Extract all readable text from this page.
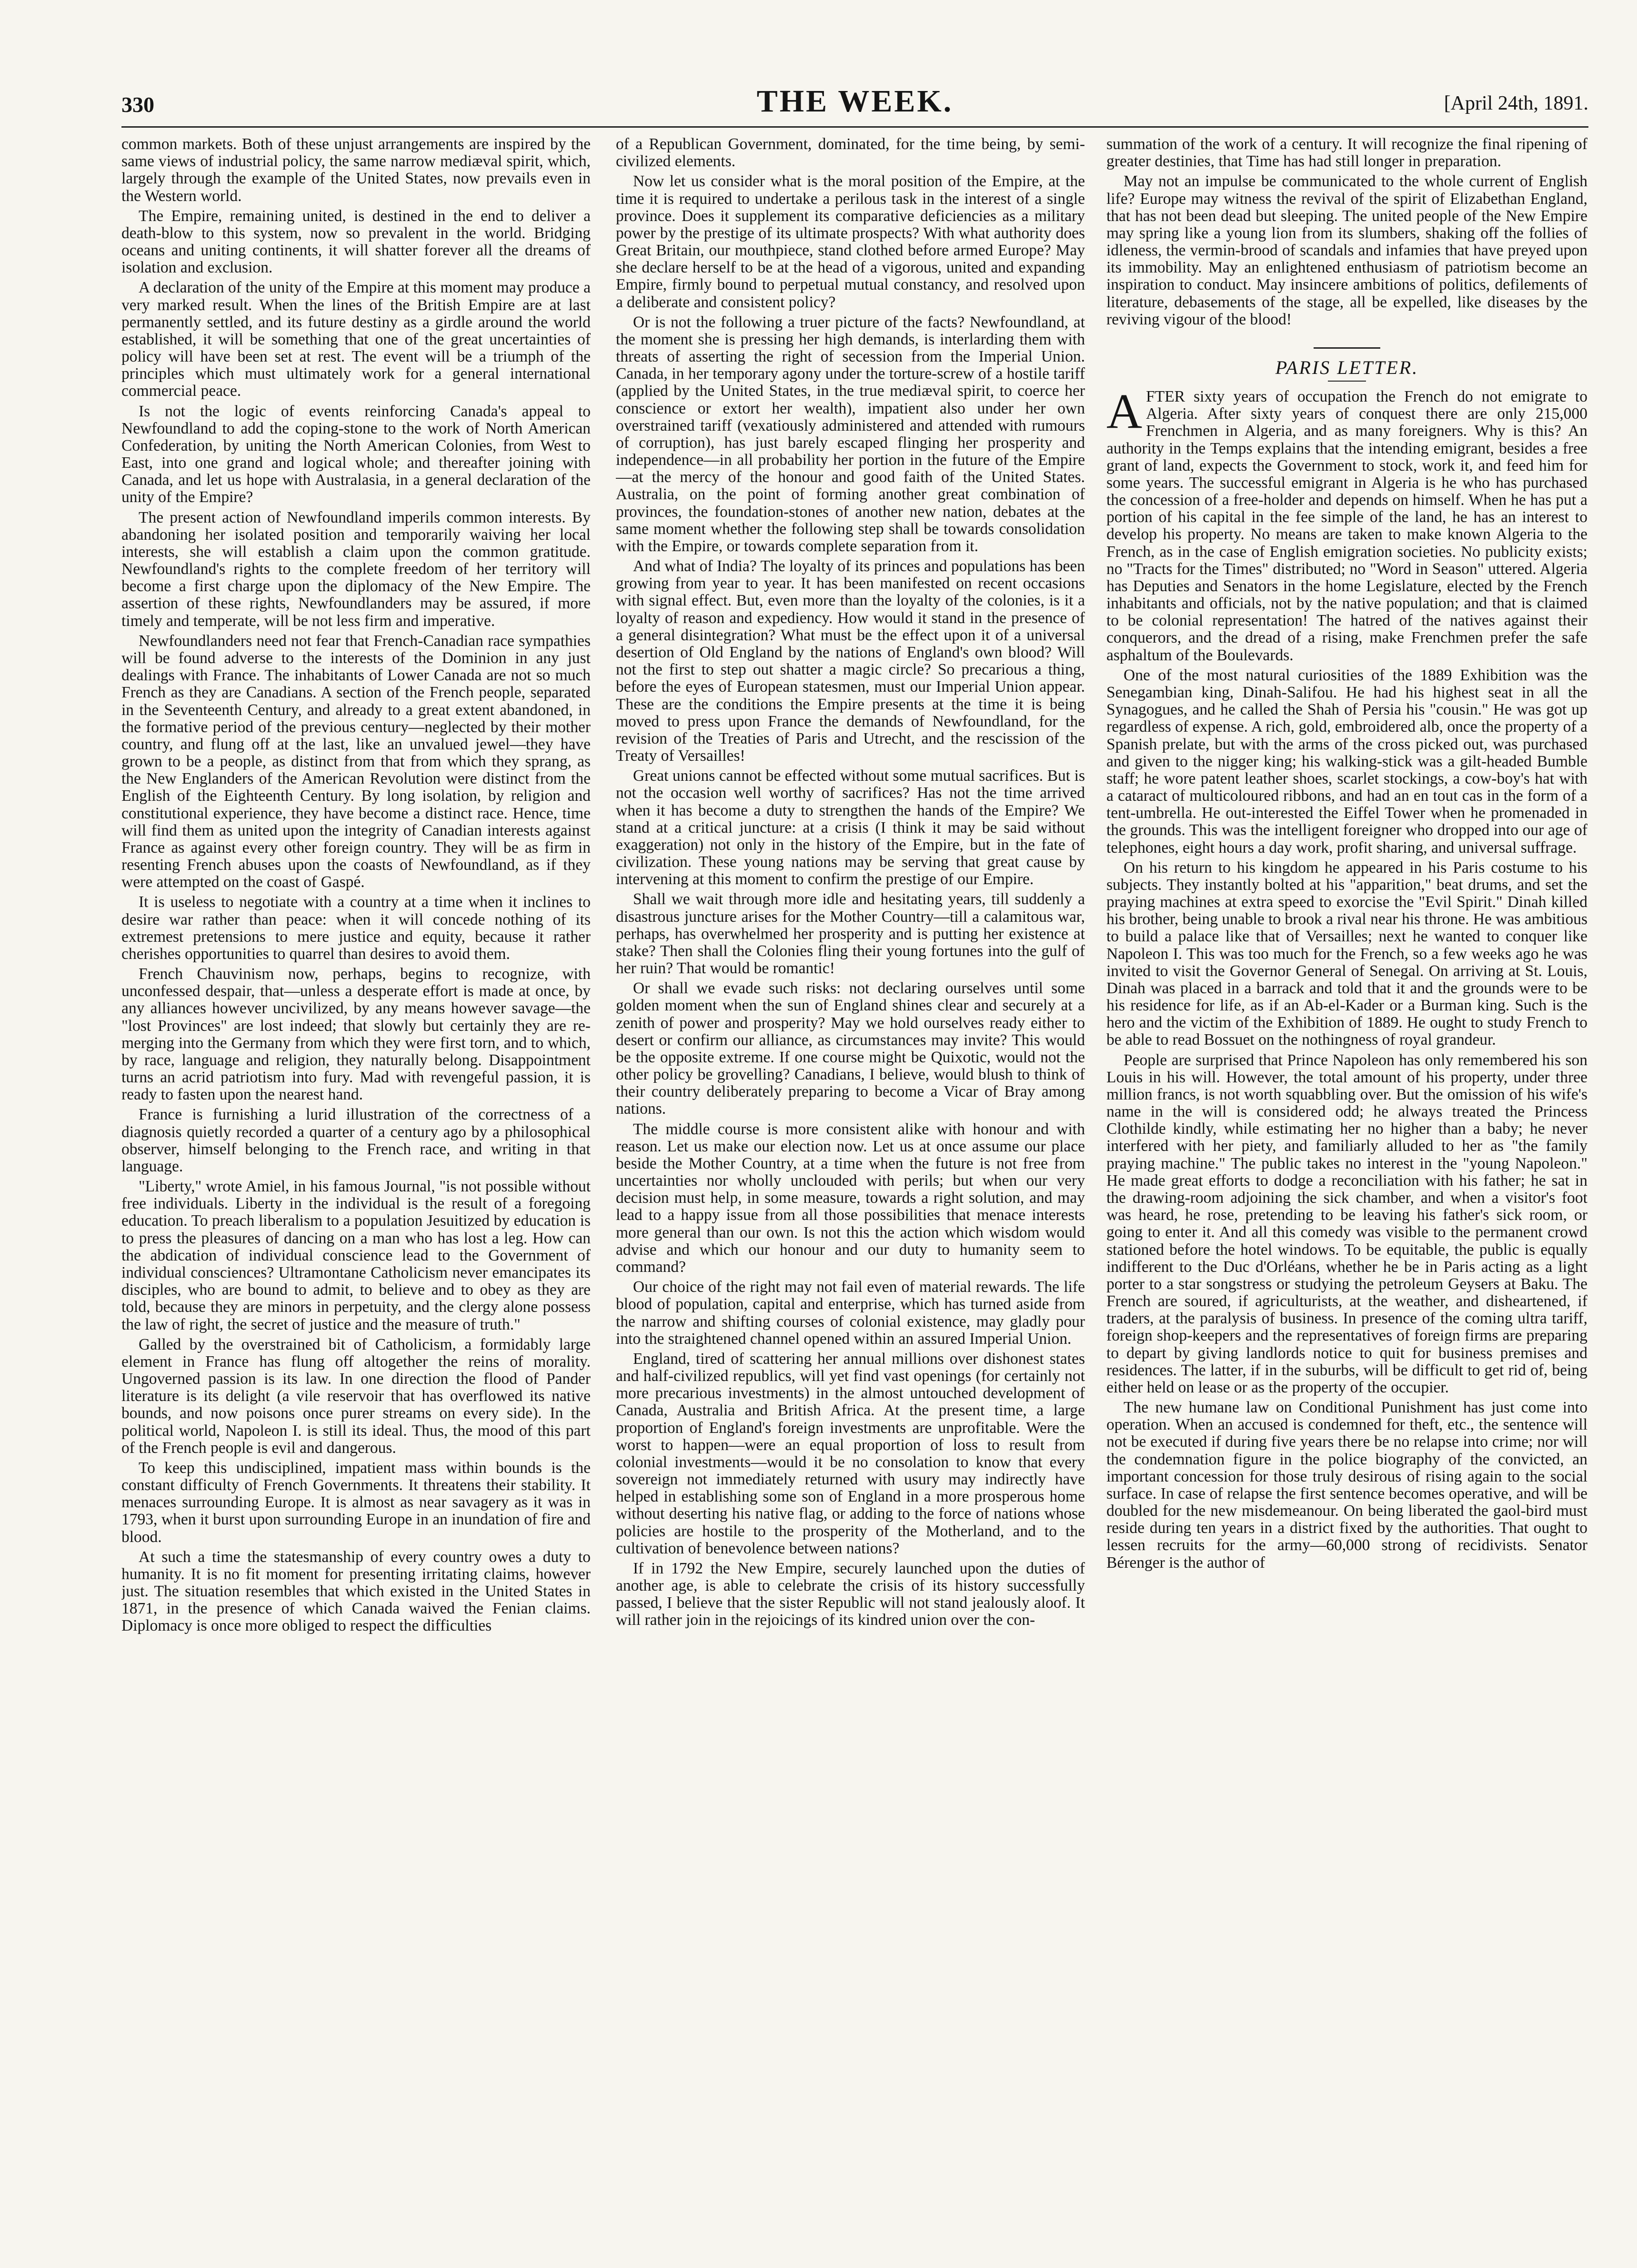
330	THE WEEK.	[April 24th, 1891.

common markets. Both of these unjust arrangements are inspired by the same views of industrial policy, the same narrow mediæval spirit, which, largely through the example of the United States, now prevails even in the Western world.

The Empire, remaining united, is destined in the end to deliver a death-blow to this system, now so prevalent in the world. Bridging oceans and uniting continents, it will shatter forever all the dreams of isolation and exclusion.

A declaration of the unity of the Empire at this moment may produce a very marked result. When the lines of the British Empire are at last permanently settled, and its future destiny as a girdle around the world established, it will be something that one of the great uncertainties of policy will have been set at rest. The event will be a triumph of the principles which must ultimately work for a general international commercial peace.

Is not the logic of events reinforcing Canada's appeal to Newfoundland to add the coping-stone to the work of North American Confederation, by uniting the North American Colonies, from West to East, into one grand and logical whole; and thereafter joining with Canada, and let us hope with Australasia, in a general declaration of the unity of the Empire?

The present action of Newfoundland imperils common interests. By abandoning her isolated position and temporarily waiving her local interests, she will establish a claim upon the common gratitude. Newfoundland's rights to the complete freedom of her territory will become a first charge upon the diplomacy of the New Empire. The assertion of these rights, Newfoundlanders may be assured, if more timely and temperate, will be not less firm and imperative.

Newfoundlanders need not fear that French-Canadian race sympathies will be found adverse to the interests of the Dominion in any just dealings with France. The inhabitants of Lower Canada are not so much French as they are Canadians. A section of the French people, separated in the Seventeenth Century, and already to a great extent abandoned, in the formative period of the previous century—neglected by their mother country, and flung off at the last, like an unvalued jewel—they have grown to be a people, as distinct from that from which they sprang, as the New Englanders of the American Revolution were distinct from the English of the Eighteenth Century. By long isolation, by religion and constitutional experience, they have become a distinct race. Hence, time will find them as united upon the integrity of Canadian interests against France as against every other foreign country. They will be as firm in resenting French abuses upon the coasts of Newfoundland, as if they were attempted on the coast of Gaspé.

It is useless to negotiate with a country at a time when it inclines to desire war rather than peace: when it will concede nothing of its extremest pretensions to mere justice and equity, because it rather cherishes opportunities to quarrel than desires to avoid them.

French Chauvinism now, perhaps, begins to recognize, with unconfessed despair, that—unless a desperate effort is made at once, by any alliances however uncivilized, by any means however savage—the "lost Provinces" are lost indeed; that slowly but certainly they are re-merging into the Germany from which they were first torn, and to which, by race, language and religion, they naturally belong. Disappointment turns an acrid patriotism into fury. Mad with revengeful passion, it is ready to fasten upon the nearest hand.

France is furnishing a lurid illustration of the correctness of a diagnosis quietly recorded a quarter of a century ago by a philosophical observer, himself belonging to the French race, and writing in that language.

"Liberty," wrote Amiel, in his famous Journal, "is not possible without free individuals. Liberty in the individual is the result of a foregoing education. To preach liberalism to a population Jesuitized by education is to press the pleasures of dancing on a man who has lost a leg. How can the abdication of individual conscience lead to the Government of individual consciences? Ultramontane Catholicism never emancipates its disciples, who are bound to admit, to believe and to obey as they are told, because they are minors in perpetuity, and the clergy alone possess the law of right, the secret of justice and the measure of truth."

Galled by the overstrained bit of Catholicism, a formidably large element in France has flung off altogether the reins of morality. Ungoverned passion is its law. In one direction the flood of Pander literature is its delight (a vile reservoir that has overflowed its native bounds, and now poisons once purer streams on every side). In the political world, Napoleon I. is still its ideal. Thus, the mood of this part of the French people is evil and dangerous.

To keep this undisciplined, impatient mass within bounds is the constant difficulty of French Governments. It threatens their stability. It menaces surrounding Europe. It is almost as near savagery as it was in 1793, when it burst upon surrounding Europe in an inundation of fire and blood.

At such a time the statesmanship of every country owes a duty to humanity. It is no fit moment for presenting irritating claims, however just. The situation resembles that which existed in the United States in 1871, in the presence of which Canada waived the Fenian claims. Diplomacy is once more obliged to respect the difficulties

of a Republican Government, dominated, for the time being, by semi-civilized elements.

Now let us consider what is the moral position of the Empire, at the time it is required to undertake a perilous task in the interest of a single province. Does it supplement its comparative deficiencies as a military power by the prestige of its ultimate prospects? With what authority does Great Britain, our mouthpiece, stand clothed before armed Europe? May she declare herself to be at the head of a vigorous, united and expanding Empire, firmly bound to perpetual mutual constancy, and resolved upon a deliberate and consistent policy?

Or is not the following a truer picture of the facts? Newfoundland, at the moment she is pressing her high demands, is interlarding them with threats of asserting the right of secession from the Imperial Union. Canada, in her temporary agony under the torture-screw of a hostile tariff (applied by the United States, in the true mediæval spirit, to coerce her conscience or extort her wealth), impatient also under her own overstrained tariff (vexatiously administered and attended with rumours of corruption), has just barely escaped flinging her prosperity and independence—in all probability her portion in the future of the Empire—at the mercy of the honour and good faith of the United States. Australia, on the point of forming another great combination of provinces, the foundation-stones of another new nation, debates at the same moment whether the following step shall be towards consolidation with the Empire, or towards complete separation from it.

And what of India? The loyalty of its princes and populations has been growing from year to year. It has been manifested on recent occasions with signal effect. But, even more than the loyalty of the colonies, is it a loyalty of reason and expediency. How would it stand in the presence of a general disintegration? What must be the effect upon it of a universal desertion of Old England by the nations of England's own blood? Will not the first to step out shatter a magic circle? So precarious a thing, before the eyes of European statesmen, must our Imperial Union appear. These are the conditions the Empire presents at the time it is being moved to press upon France the demands of Newfoundland, for the revision of the Treaties of Paris and Utrecht, and the rescission of the Treaty of Versailles!

Great unions cannot be effected without some mutual sacrifices. But is not the occasion well worthy of sacrifices? Has not the time arrived when it has become a duty to strengthen the hands of the Empire? We stand at a critical juncture: at a crisis (I think it may be said without exaggeration) not only in the history of the Empire, but in the fate of civilization. These young nations may be serving that great cause by intervening at this moment to confirm the prestige of our Empire.

Shall we wait through more idle and hesitating years, till suddenly a disastrous juncture arises for the Mother Country—till a calamitous war, perhaps, has overwhelmed her prosperity and is putting her existence at stake? Then shall the Colonies fling their young fortunes into the gulf of her ruin? That would be romantic!

Or shall we evade such risks: not declaring ourselves until some golden moment when the sun of England shines clear and securely at a zenith of power and prosperity? May we hold ourselves ready either to desert or confirm our alliance, as circumstances may invite? This would be the opposite extreme. If one course might be Quixotic, would not the other policy be grovelling? Canadians, I believe, would blush to think of their country deliberately preparing to become a Vicar of Bray among nations.

The middle course is more consistent alike with honour and with reason. Let us make our election now. Let us at once assume our place beside the Mother Country, at a time when the future is not free from uncertainties nor wholly unclouded with perils; but when our very decision must help, in some measure, towards a right solution, and may lead to a happy issue from all those possibilities that menace interests more general than our own. Is not this the action which wisdom would advise and which our honour and our duty to humanity seem to command?

Our choice of the right may not fail even of material rewards. The life blood of population, capital and enterprise, which has turned aside from the narrow and shifting courses of colonial existence, may gladly pour into the straightened channel opened within an assured Imperial Union.

England, tired of scattering her annual millions over dishonest states and half-civilized republics, will yet find vast openings (for certainly not more precarious investments) in the almost untouched development of Canada, Australia and British Africa. At the present time, a large proportion of England's foreign investments are unprofitable. Were the worst to happen—were an equal proportion of loss to result from colonial investments—would it be no consolation to know that every sovereign not immediately returned with usury may indirectly have helped in establishing some son of England in a more prosperous home without deserting his native flag, or adding to the force of nations whose policies are hostile to the prosperity of the Motherland, and to the cultivation of benevolence between nations?

If in 1792 the New Empire, securely launched upon the duties of another age, is able to celebrate the crisis of its history successfully passed, I believe that the sister Republic will not stand jealously aloof. It will rather join in the rejoicings of its kindred union over the con-

summation of the work of a century. It will recognize the final ripening of greater destinies, that Time has had still longer in preparation.

May not an impulse be communicated to the whole current of English life? Europe may witness the revival of the spirit of Elizabethan England, that has not been dead but sleeping. The united people of the New Empire may spring like a young lion from its slumbers, shaking off the follies of idleness, the vermin-brood of scandals and infamies that have preyed upon its immobility. May an enlightened enthusiasm of patriotism become an inspiration to conduct. May insincere ambitions of politics, defilements of literature, debasements of the stage, all be expelled, like diseases by the reviving vigour of the blood!

PARIS LETTER.

AFTER sixty years of occupation the French do not emigrate to Algeria. After sixty years of conquest there are only 215,000 Frenchmen in Algeria, and as many foreigners. Why is this? An authority in the Temps explains that the intending emigrant, besides a free grant of land, expects the Government to stock, work it, and feed him for some years. The successful emigrant in Algeria is he who has purchased the concession of a free-holder and depends on himself. When he has put a portion of his capital in the fee simple of the land, he has an interest to develop his property. No means are taken to make known Algeria to the French, as in the case of English emigration societies. No publicity exists; no "Tracts for the Times" distributed; no "Word in Season" uttered. Algeria has Deputies and Senators in the home Legislature, elected by the French inhabitants and officials, not by the native population; and that is claimed to be colonial representation! The hatred of the natives against their conquerors, and the dread of a rising, make Frenchmen prefer the safe asphaltum of the Boulevards.

One of the most natural curiosities of the 1889 Exhibition was the Senegambian king, Dinah-Salifou. He had his highest seat in all the Synagogues, and he called the Shah of Persia his "cousin." He was got up regardless of expense. A rich, gold, embroidered alb, once the property of a Spanish prelate, but with the arms of the cross picked out, was purchased and given to the nigger king; his walking-stick was a gilt-headed Bumble staff; he wore patent leather shoes, scarlet stockings, a cow-boy's hat with a cataract of multicoloured ribbons, and had an en tout cas in the form of a tent-umbrella. He out-interested the Eiffel Tower when he promenaded in the grounds. This was the intelligent foreigner who dropped into our age of telephones, eight hours a day work, profit sharing, and universal suffrage.

On his return to his kingdom he appeared in his Paris costume to his subjects. They instantly bolted at his "apparition," beat drums, and set the praying machines at extra speed to exorcise the "Evil Spirit." Dinah killed his brother, being unable to brook a rival near his throne. He was ambitious to build a palace like that of Versailles; next he wanted to conquer like Napoleon I. This was too much for the French, so a few weeks ago he was invited to visit the Governor General of Senegal. On arriving at St. Louis, Dinah was placed in a barrack and told that it and the grounds were to be his residence for life, as if an Ab-el-Kader or a Burman king. Such is the hero and the victim of the Exhibition of 1889. He ought to study French to be able to read Bossuet on the nothingness of royal grandeur.

People are surprised that Prince Napoleon has only remembered his son Louis in his will. However, the total amount of his property, under three million francs, is not worth squabbling over. But the omission of his wife's name in the will is considered odd; he always treated the Princess Clothilde kindly, while estimating her no higher than a baby; he never interfered with her piety, and familiarly alluded to her as "the family praying machine." The public takes no interest in the "young Napoleon." He made great efforts to dodge a reconciliation with his father; he sat in the drawing-room adjoining the sick chamber, and when a visitor's foot was heard, he rose, pretending to be leaving his father's sick room, or going to enter it. And all this comedy was visible to the permanent crowd stationed before the hotel windows. To be equitable, the public is equally indifferent to the Duc d'Orléans, whether he be in Paris acting as a light porter to a star songstress or studying the petroleum Geysers at Baku. The French are soured, if agriculturists, at the weather, and disheartened, if traders, at the paralysis of business. In presence of the coming ultra tariff, foreign shop-keepers and the representatives of foreign firms are preparing to depart by giving landlords notice to quit for business premises and residences. The latter, if in the suburbs, will be difficult to get rid of, being either held on lease or as the property of the occupier.

The new humane law on Conditional Punishment has just come into operation. When an accused is condemned for theft, etc., the sentence will not be executed if during five years there be no relapse into crime; nor will the condemnation figure in the police biography of the convicted, an important concession for those truly desirous of rising again to the social surface. In case of relapse the first sentence becomes operative, and will be doubled for the new misdemeanour. On being liberated the gaol-bird must reside during ten years in a district fixed by the authorities. That ought to lessen recruits for the army—60,000 strong of recidivists. Senator Bérenger is the author of
